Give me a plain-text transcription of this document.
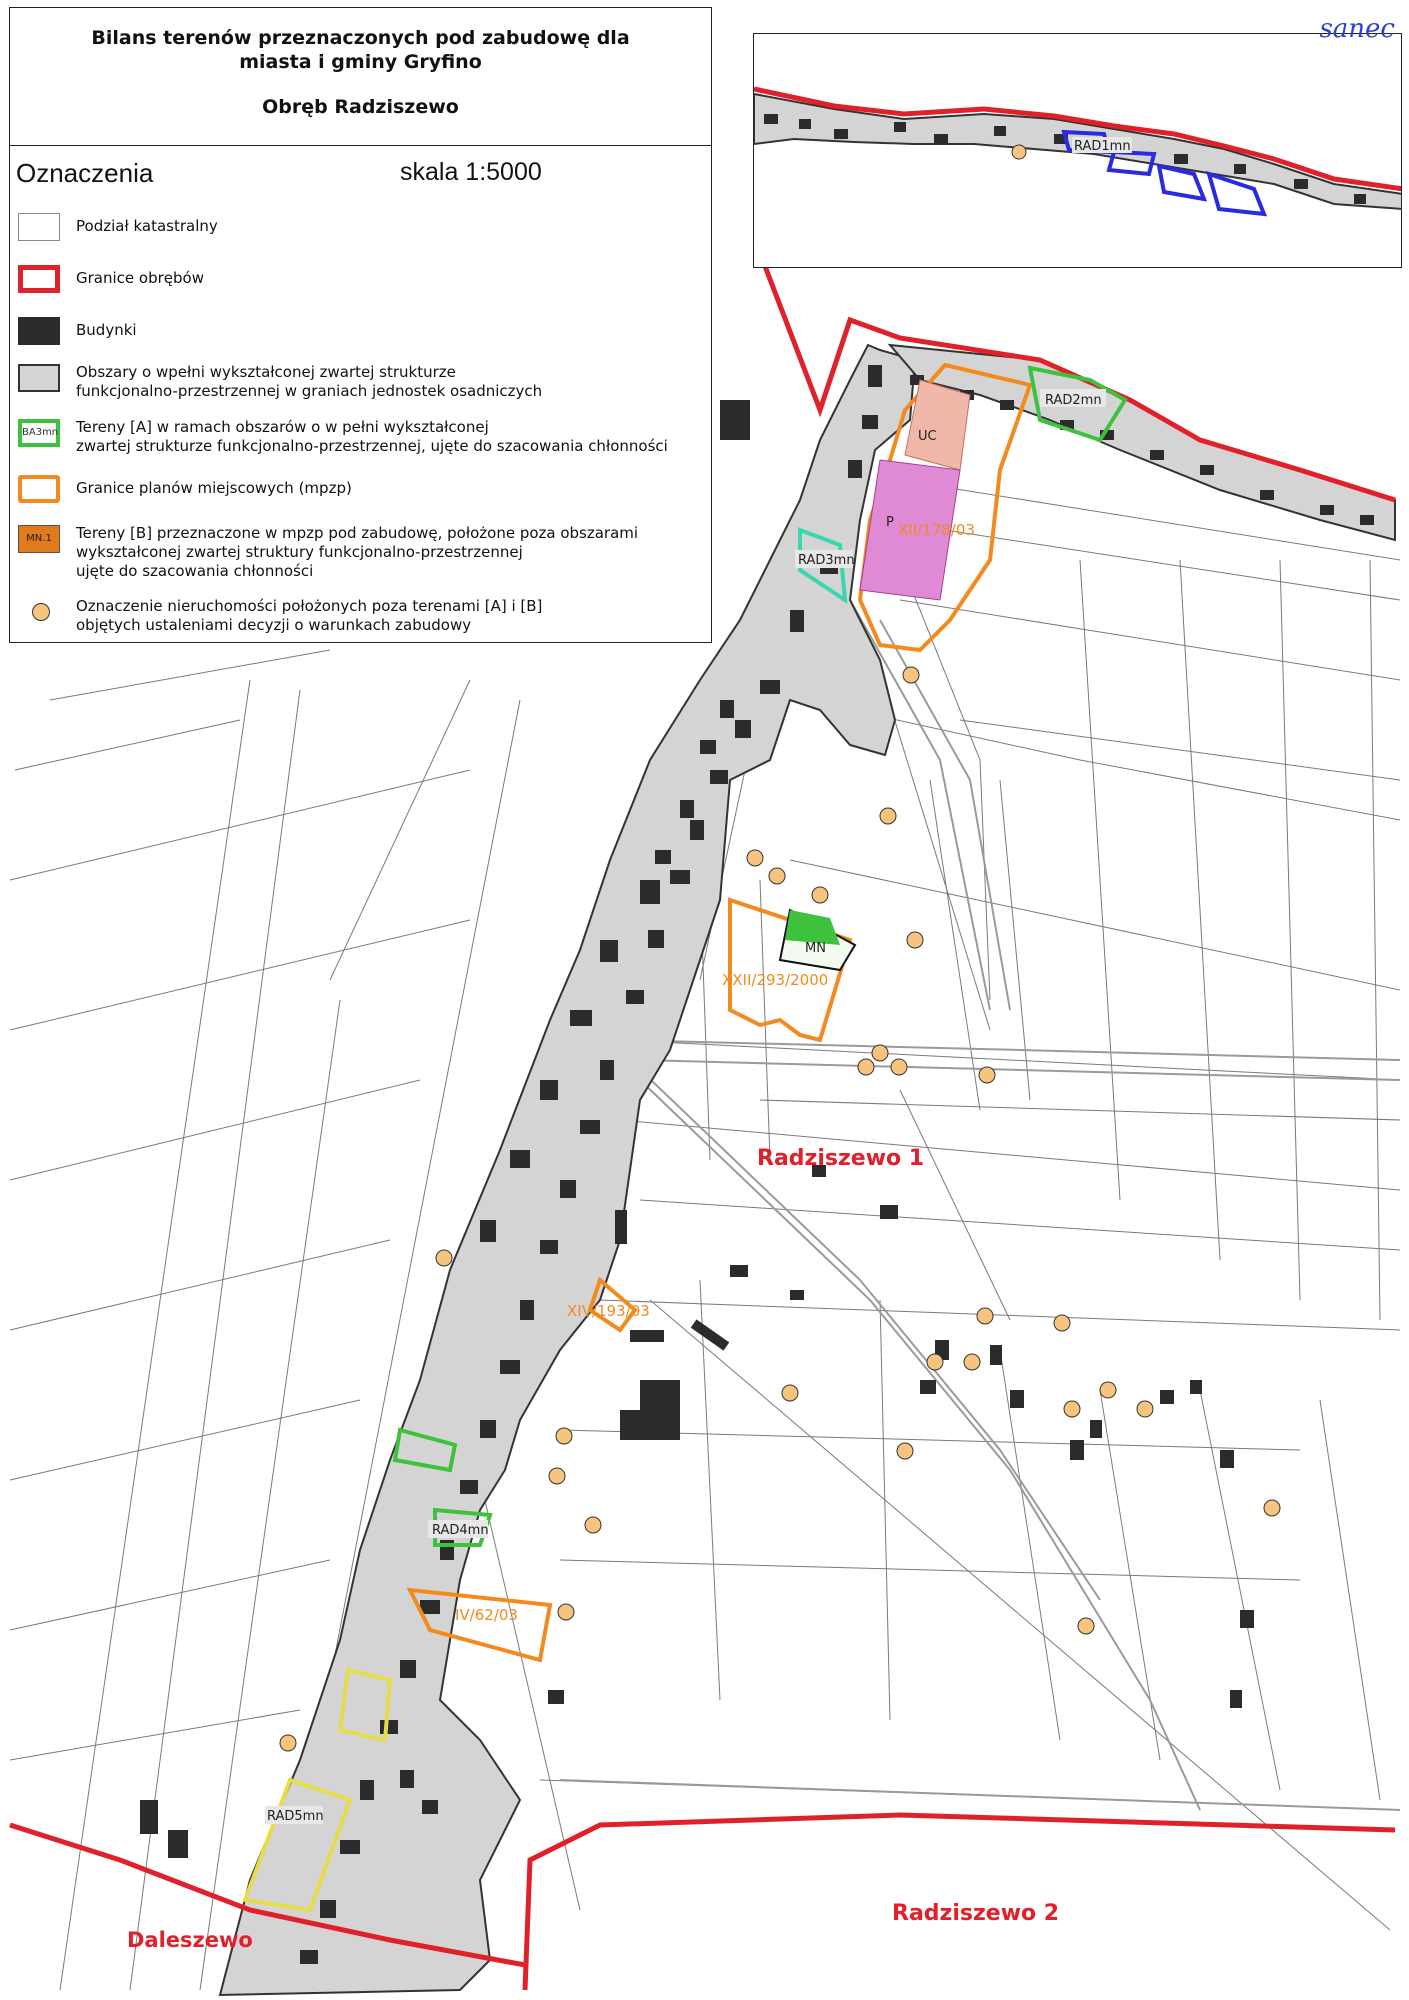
RAD2mn
UC
P XII/178/03
RAD3mn
MN
XXII/293/2000
Radziszewo 1
XIV/193/03
RAD4mn
IV/62/03
RAD5mn
Radziszewo 2
Daleszewo
RAD1mn
Bilans terenów przeznaczonych pod zabudowę dla
miasta i gminy Gryfino
Obręb Radziszewo
Oznaczenia	skala 1:5000
Podział katastralny
Granice obrębów
Budynki
Obszary o wpełni wykształconej zwartej strukturze
funkcjonalno-przestrzennej w graniach jednostek osadniczych
BA3mn Tereny [A] w ramach obszarów o w pełni wykształconej
zwartej strukturze funkcjonalno-przestrzennej, ujęte do szacowania chłonności
Granice planów miejscowych (mpzp)
MN.1	Tereny [B] przeznaczone w mpzp pod zabudowę, położone poza obszarami
wykształconej zwartej struktury funkcjonalno-przestrzennej
ujęte do szacowania chłonności
Oznaczenie nieruchomości położonych poza terenami [A] i [B]
objętych ustaleniami decyzji o warunkach zabudowy
sanec
